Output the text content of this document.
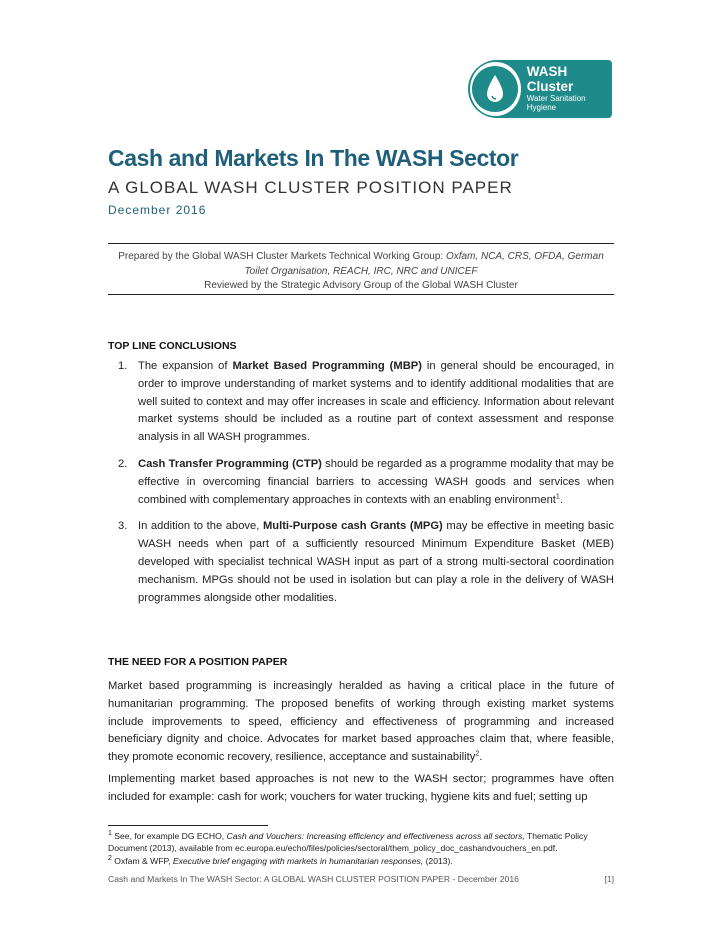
WASH Cluster
Water Sanitation Hygiene
Cash and Markets In The WASH Sector

A GLOBAL WASH CLUSTER POSITION PAPER

December 2016

Prepared by the Global WASH Cluster Markets Technical Working Group: Oxfam, NCA, CRS, OFDA, German Toilet Organisation, REACH, IRC, NRC and UNICEF
Reviewed by the Strategic Advisory Group of the Global WASH Cluster
TOP LINE CONCLUSIONS
1. The expansion of Market Based Programming (MBP) in general should be encouraged, in order to improve understanding of market systems and to identify additional modalities that are well suited to context and may offer increases in scale and efficiency. Information about relevant market systems should be included as a routine part of context assessment and response analysis in all WASH programmes.
2. Cash Transfer Programming (CTP) should be regarded as a programme modality that may be effective in overcoming financial barriers to accessing WASH goods and services when combined with complementary approaches in contexts with an enabling environment$^1$.
3. In addition to the above, Multi-Purpose cash Grants (MPG) may be effective in meeting basic WASH needs when part of a sufficiently resourced Minimum Expenditure Basket (MEB) developed with specialist technical WASH input as part of a strong multi-sectoral coordination mechanism. MPGs should not be used in isolation but can play a role in the delivery of WASH programmes alongside other modalities.
THE NEED FOR A POSITION PAPER

Market based programming is increasingly heralded as having a critical place in the future of humanitarian programming. The proposed benefits of working through existing market systems include improvements to speed, efficiency and effectiveness of programming and increased beneficiary dignity and choice. Advocates for market based approaches claim that, where feasible, they promote economic recovery, resilience, acceptance and sustainability$^2$.

Implementing market based approaches is not new to the WASH sector; programmes have often included for example: cash for work; vouchers for water trucking, hygiene kits and fuel; setting up

$^1$ See, for example DG ECHO, Cash and Vouchers: Increasing efficiency and effectiveness across all sectors, Thematic Policy Document (2013), available from ec.europa.eu/echo/files/policies/sectoral/them_policy_doc_cashandvouchers_en.pdf.
$^2$ Oxfam & WFP, Executive brief engaging with markets in humanitarian responses, (2013).
Cash and Markets In The WASH Sector: A GLOBAL WASH CLUSTER POSITION PAPER - December 2016	[1]
